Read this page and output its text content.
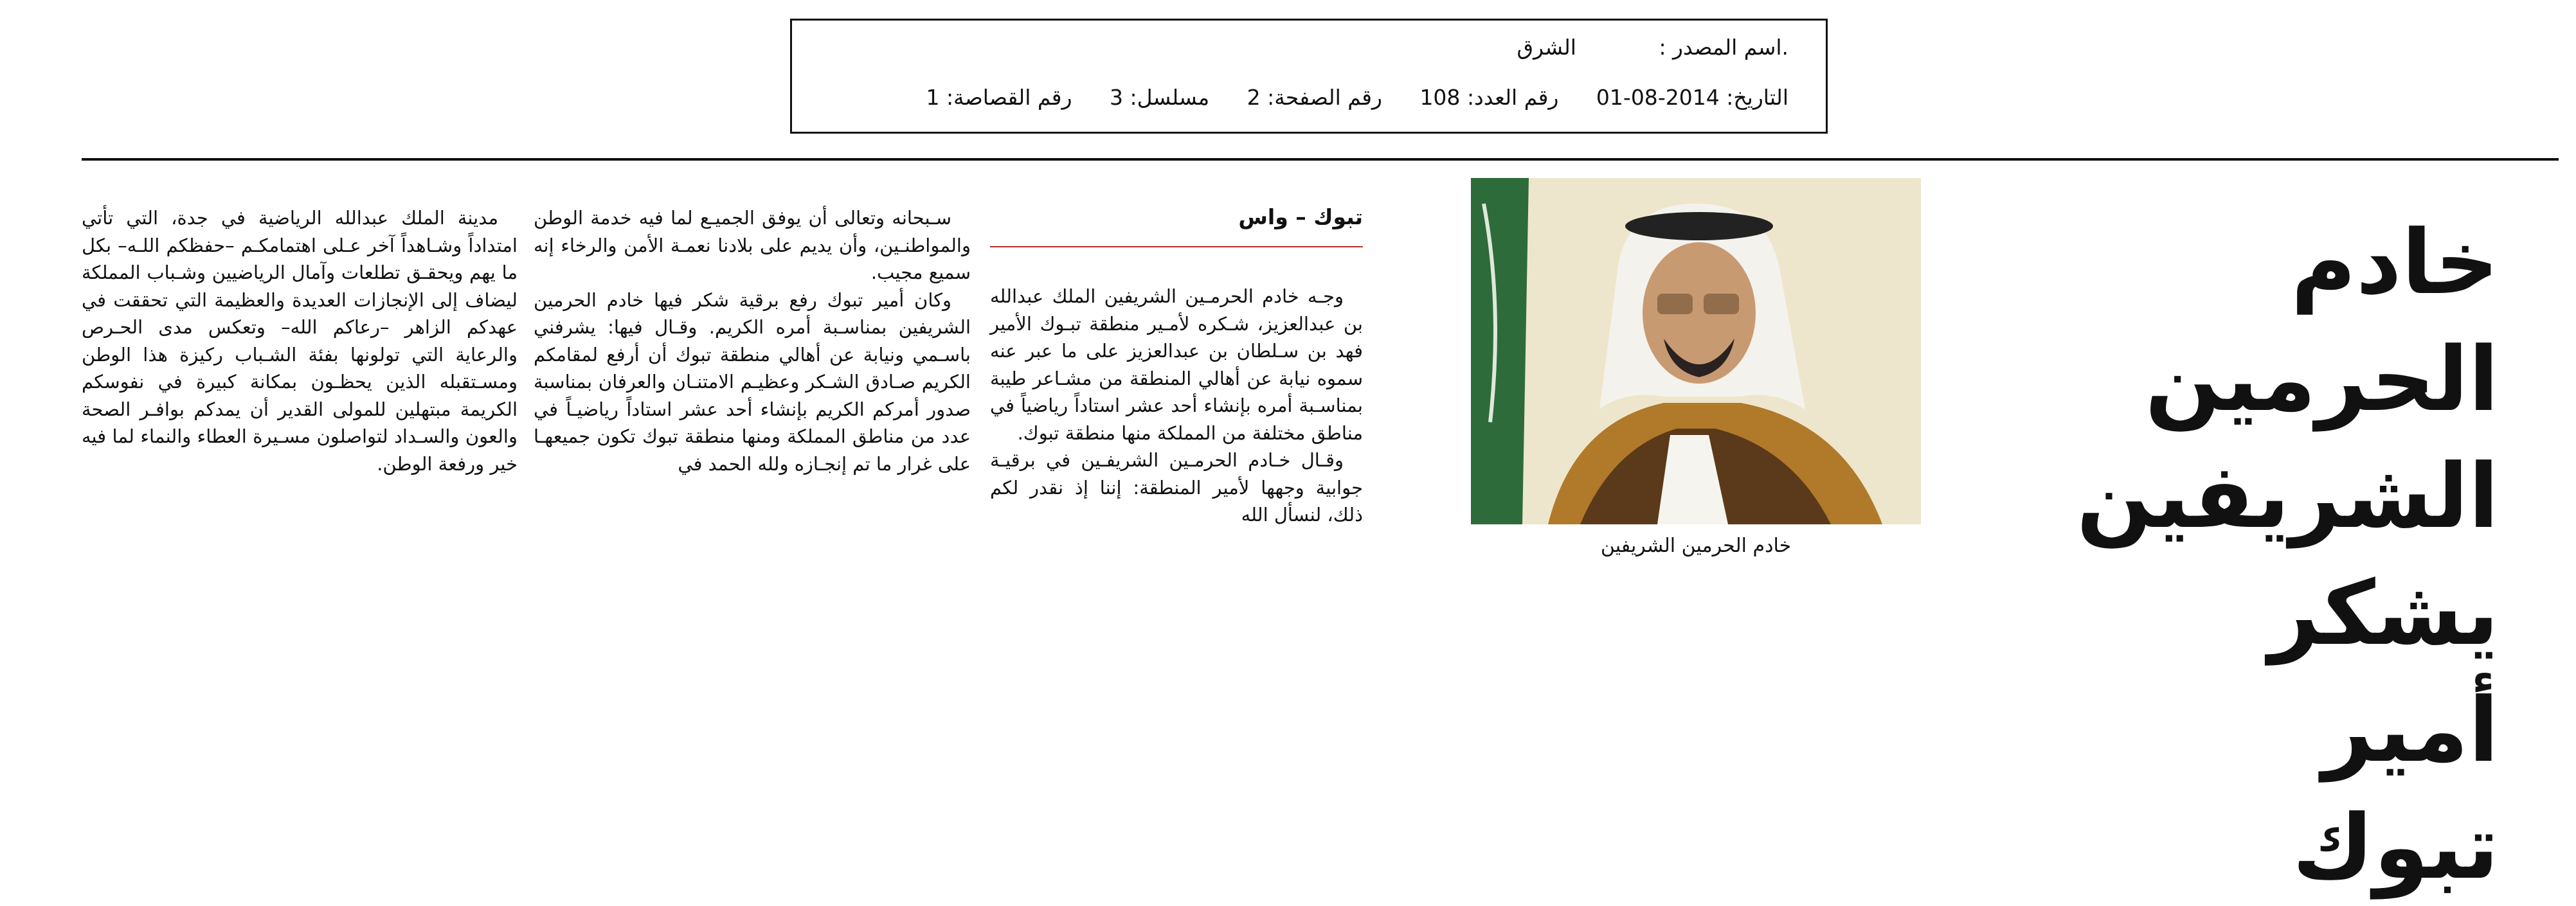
.اسم المصدر : الشرق
التاريخ: 2014-08-01 رقم العدد: 108 رقم الصفحة: 2 مسلسل: 3 رقم القصاصة: 1
خادم الحرمين
الشريفين يشكر
أمير تبوك
خادم الحرمين الشريفين
تبوك – واس

وجـه خادم الحرمـين الشريفين الملك عبدالله بن عبدالعزيز، شـكره لأمـير منطقة تبـوك الأمير فهد بن سـلطان بن عبدالعزيز على ما عبر عنه سموه نيابة عن أهالي المنطقة من مشـاعر طيبة بمناسـبة أمره بإنشاء أحد عشر استاداً رياضياً في مناطق مختلفة من المملكة منها منطقة تبوك.

وقـال خـادم الحرمـين الشريفـين في برقيـة جوابية وجهها لأمير المنطقة: إننا إذ نقدر لكم ذلك، لنسأل الله

سـبحانه وتعالى أن يوفق الجميـع لما فيه خدمة الوطن والمواطنـين، وأن يديم على بلادنا نعمـة الأمن والرخاء إنه سميع مجيب.

وكان أمير تبوك رفع برقية شكر فيها خادم الحرمين الشريفين بمناسـبة أمره الكريم. وقـال فيها: يشرفني باسـمي ونيابة عن أهالي منطقة تبوك أن أرفع لمقامكم الكريم صـادق الشـكر وعظيـم الامتنـان والعرفان بمناسبة صدور أمركم الكريم بإنشاء أحد عشر استاداً رياضيـاً في عدد من مناطق المملكة ومنها منطقة تبوك تكون جميعهـا على غرار ما تم إنجـازه ولله الحمد في

مدينة الملك عبدالله الرياضية في جدة، التي تأتي امتداداً وشـاهداً آخر عـلى اهتمامكـم –حفظكم اللـه– بكل ما يهم ويحقـق تطلعات وآمال الرياضيين وشـباب المملكة ليضاف إلى الإنجازات العديدة والعظيمة التي تحققت في عهدكم الزاهر –رعاكم الله– وتعكس مدى الحـرص والرعاية التي تولونها بفئة الشـباب ركيزة هذا الوطن ومسـتقبله الذين يحظـون بمكانة كبيرة في نفوسكم الكريمة مبتهلين للمولى القدير أن يمدكم بوافـر الصحة والعون والسـداد لتواصلون مسـيرة العطاء والنماء لما فيه خير ورفعة الوطن.
